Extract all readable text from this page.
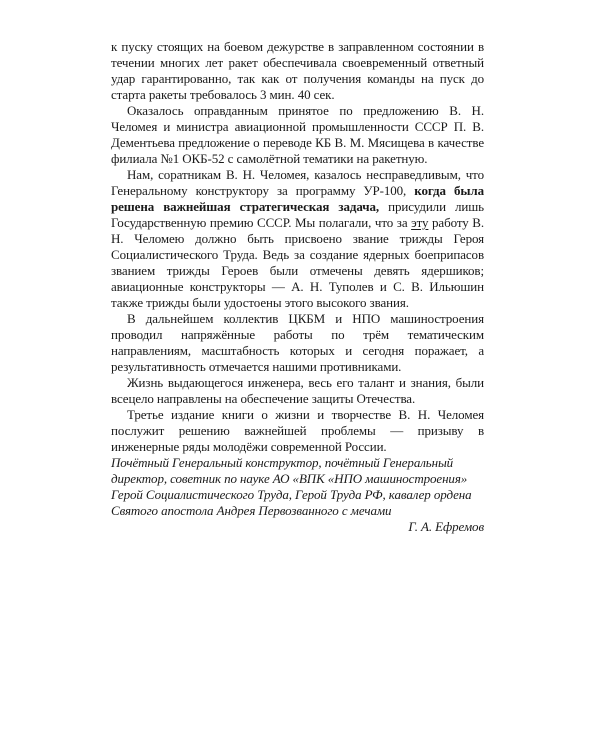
к пуску стоящих на боевом дежурстве в заправленном состоянии в течении многих лет ракет обеспечивала своевременный ответный удар гарантированно, так как от получения команды на пуск до старта ракеты требовалось 3 мин. 40 сек.

Оказалось оправданным принятое по предложению В. Н. Челомея и министра авиационной промышленности СССР П. В. Дементьева предложение о переводе КБ В. М. Мясищева в качестве филиала №1 ОКБ-52 с самолётной тематики на ракетную.

Нам, соратникам В. Н. Челомея, казалось несправедливым, что Генеральному конструктору за программу УР-100, когда была решена важнейшая стратегическая задача, присудили лишь Государственную премию СССР. Мы полагали, что за эту работу В. Н. Челомею должно быть присвоено звание трижды Героя Социалистического Труда. Ведь за создание ядерных боеприпасов званием трижды Героев были отмечены девять ядершиков; авиационные конструкторы — А. Н. Туполев и С. В. Ильюшин также трижды были удостоены этого высокого звания.

В дальнейшем коллектив ЦКБМ и НПО машиностроения проводил напряжённые работы по трём тематическим направлениям, масштабность которых и сегодня поражает, а результативность отмечается нашими противниками.

Жизнь выдающегося инженера, весь его талант и знания, были всецело направлены на обеспечение защиты Отечества.

Третье издание книги о жизни и творчестве В. Н. Челомея послужит решению важнейшей проблемы — призыву в инженерные ряды молодёжи современной России.

Почётный Генеральный конструктор, почётный Генеральный директор, советник по науке АО «ВПК «НПО машиностроения» Герой Социалистического Труда, Герой Труда РФ, кавалер ордена Святого апостола Андрея Первозванного с мечами

Г. А. Ефремов
